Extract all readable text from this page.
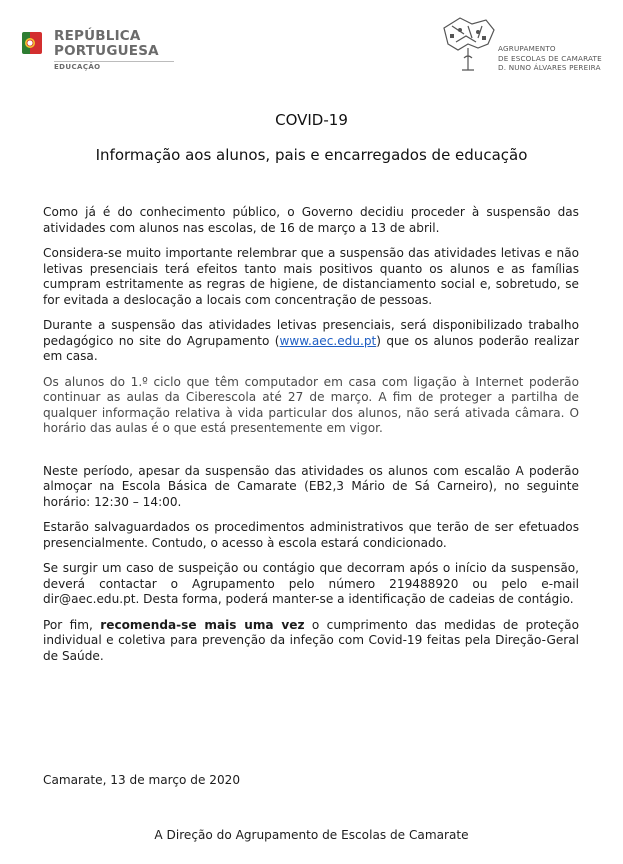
REPÚBLICA
PORTUGUESA
EDUCAÇÃO
AGRUPAMENTO
DE ESCOLAS DE CAMARATE
D. NUNO ÁLVARES PEREIRA
COVID-19
Informação aos alunos, pais e encarregados de educação

Como já é do conhecimento público, o Governo decidiu proceder à suspensão das atividades com alunos nas escolas, de 16 de março a 13 de abril.

Considera-se muito importante relembrar que a suspensão das atividades letivas e não letivas presenciais terá efeitos tanto mais positivos quanto os alunos e as famílias cumpram estritamente as regras de higiene, de distanciamento social e, sobretudo, se for evitada a deslocação a locais com concentração de pessoas.

Durante a suspensão das atividades letivas presenciais, será disponibilizado trabalho pedagógico no site do Agrupamento (www.aec.edu.pt) que os alunos poderão realizar em casa.

Os alunos do 1.º ciclo que têm computador em casa com ligação à Internet poderão continuar as aulas da Ciberescola até 27 de março. A fim de proteger a partilha de qualquer informação relativa à vida particular dos alunos, não será ativada câmara. O horário das aulas é o que está presentemente em vigor.

Neste período, apesar da suspensão das atividades os alunos com escalão A poderão almoçar na Escola Básica de Camarate (EB2,3 Mário de Sá Carneiro), no seguinte horário: 12:30 – 14:00.

Estarão salvaguardados os procedimentos administrativos que terão de ser efetuados presencialmente. Contudo, o acesso à escola estará condicionado.

Se surgir um caso de suspeição ou contágio que decorram após o início da suspensão, deverá contactar o Agrupamento pelo número 219488920 ou pelo e-mail dir@aec.edu.pt. Desta forma, poderá manter-se a identificação de cadeias de contágio.

Por fim, recomenda-se mais uma vez o cumprimento das medidas de proteção individual e coletiva para prevenção da infeção com Covid-19 feitas pela Direção-Geral de Saúde.

Camarate, 13 de março de 2020
A Direção do Agrupamento de Escolas de Camarate
